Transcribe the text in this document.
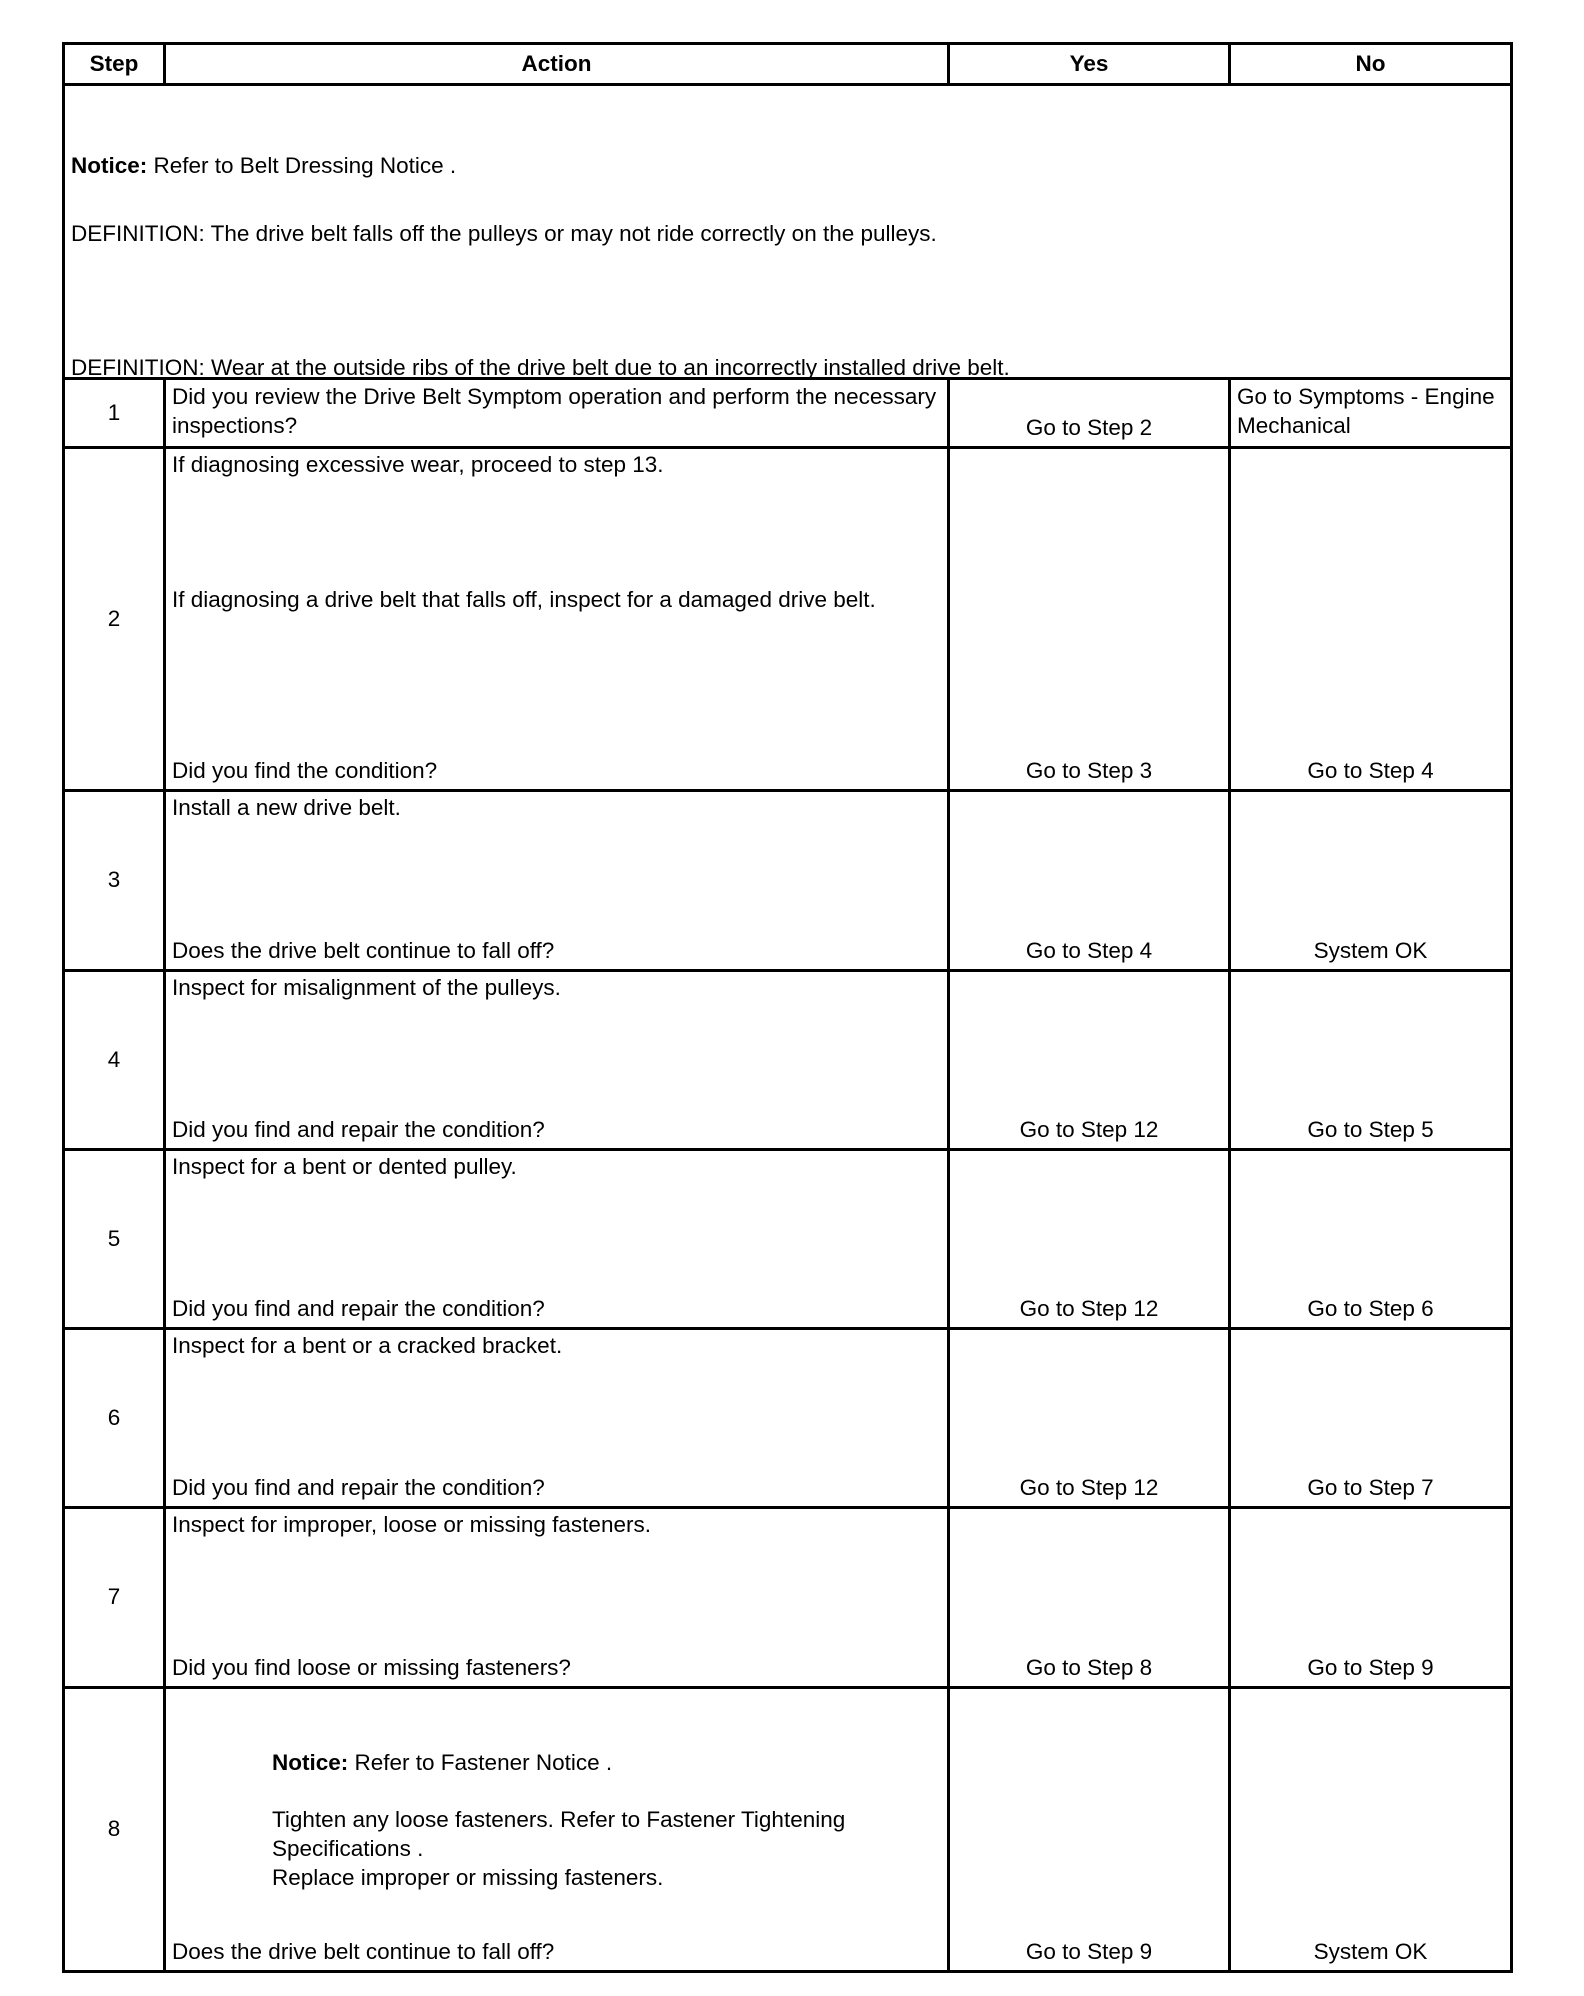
Step	Action	Yes	No

Notice: Refer to Belt Dressing Notice .

DEFINITION: The drive belt falls off the pulleys or may not ride correctly on the pulleys.

DEFINITION: Wear at the outside ribs of the drive belt due to an incorrectly installed drive belt.			

1	Did you review the Drive Belt Symptom operation and perform the necessary inspections?	Go to Step 2	Go to Symptoms - Engine Mechanical
2	If diagnosing excessive wear, proceed to step 13.
If diagnosing a drive belt that falls off, inspect for a damaged drive belt.
Did you find the condition?	Go to Step 3	Go to Step 4
3	Install a new drive belt.
Does the drive belt continue to fall off?	Go to Step 4	System OK
4	Inspect for misalignment of the pulleys.
Did you find and repair the condition?	Go to Step 12	Go to Step 5
5	Inspect for a bent or dented pulley.
Did you find and repair the condition?	Go to Step 12	Go to Step 6
6	Inspect for a bent or a cracked bracket.
Did you find and repair the condition?	Go to Step 12	Go to Step 7
7	Inspect for improper, loose or missing fasteners.
Did you find loose or missing fasteners?	Go to Step 8	Go to Step 9
8	Notice: Refer to Fastener Notice .
Tighten any loose fasteners. Refer to Fastener Tightening Specifications .
Replace improper or missing fasteners.
Does the drive belt continue to fall off?	Go to Step 9	System OK
